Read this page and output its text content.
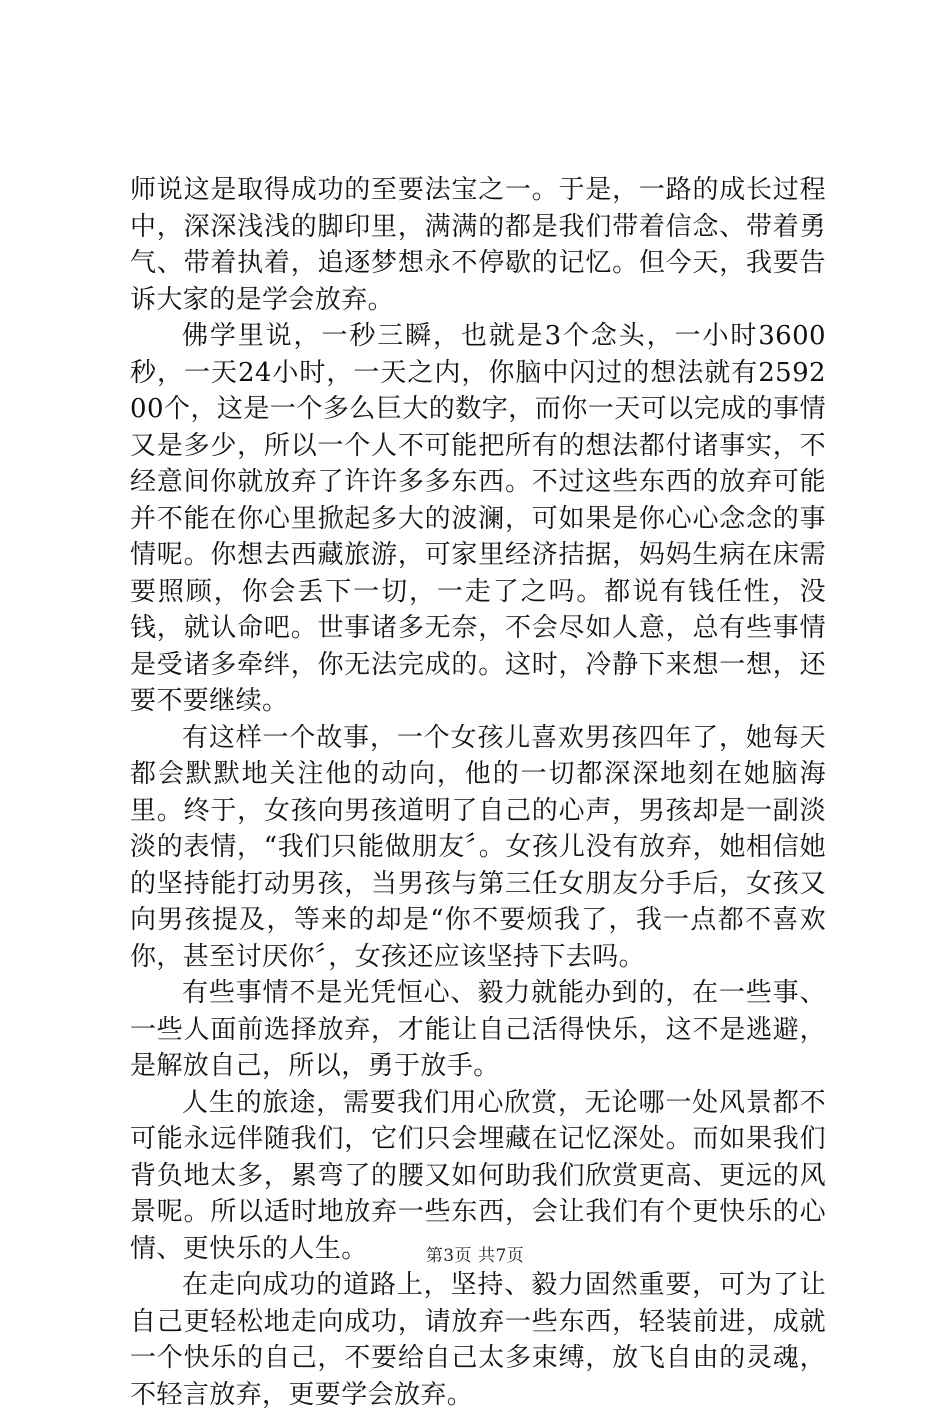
师说这是取得成功的至要法宝之一。于是，一路的成长过程中，深深浅浅的脚印里，满满的都是我们带着信念、带着勇气、带着执着，追逐梦想永不停歇的记忆。但今天，我要告诉大家的是学会放弃。

佛学里说，一秒三瞬，也就是3个念头，一小时3600秒，一天24小时，一天之内，你脑中闪过的想法就有259200个，这是一个多么巨大的数字，而你一天可以完成的事情又是多少，所以一个人不可能把所有的想法都付诸事实，不经意间你就放弃了许许多多东西。不过这些东西的放弃可能并不能在你心里掀起多大的波澜，可如果是你心心念念的事情呢。你想去西藏旅游，可家里经济拮据，妈妈生病在床需要照顾，你会丢下一切，一走了之吗。都说有钱任性，没钱，就认命吧。世事诸多无奈，不会尽如人意，总有些事情是受诸多牵绊，你无法完成的。这时，冷静下来想一想，还要不要继续。

有这样一个故事，一个女孩儿喜欢男孩四年了，她每天都会默默地关注他的动向，他的一切都深深地刻在她脑海里。终于，女孩向男孩道明了自己的心声，男孩却是一副淡淡的表情，“我们只能做朋友〞。女孩儿没有放弃，她相信她的坚持能打动男孩，当男孩与第三任女朋友分手后，女孩又向男孩提及，等来的却是“你不要烦我了，我一点都不喜欢你，甚至讨厌你〞，女孩还应该坚持下去吗。

有些事情不是光凭恒心、毅力就能办到的，在一些事、一些人面前选择放弃，才能让自己活得快乐，这不是逃避，是解放自己，所以，勇于放手。

人生的旅途，需要我们用心欣赏，无论哪一处风景都不可能永远伴随我们，它们只会埋藏在记忆深处。而如果我们背负地太多，累弯了的腰又如何助我们欣赏更高、更远的风景呢。所以适时地放弃一些东西，会让我们有个更快乐的心情、更快乐的人生。

在走向成功的道路上，坚持、毅力固然重要，可为了让自己更轻松地走向成功，请放弃一些东西，轻装前进，成就一个快乐的自己，不要给自己太多束缚，放飞自由的灵魂，不轻言放弃，更要学会放弃。

第3页 共7页
